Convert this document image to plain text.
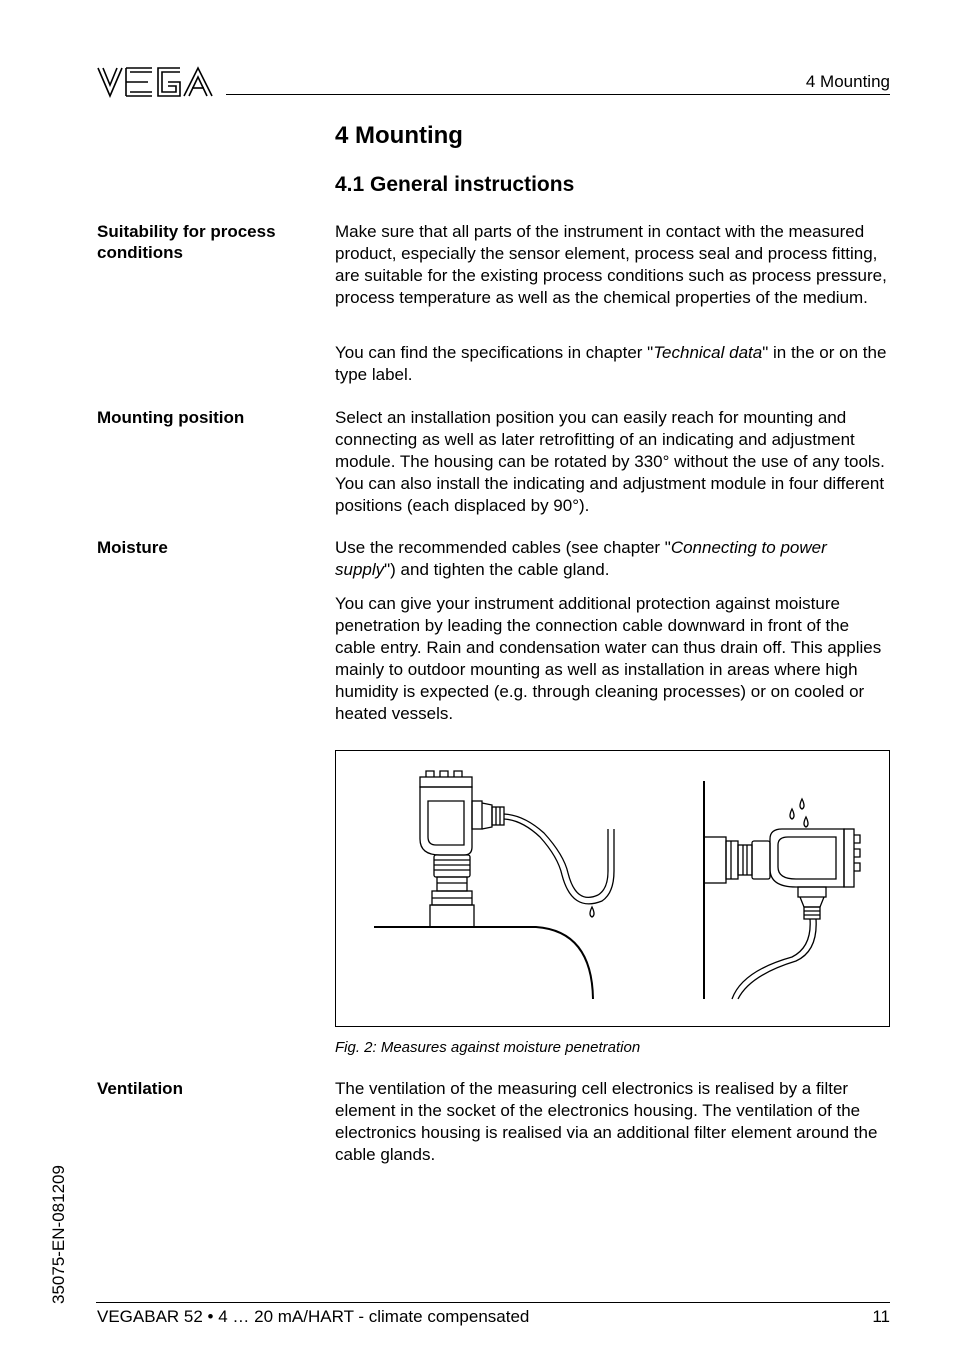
4 Mounting
4 Mounting
4.1 General instructions
Suitability for process conditions

Make sure that all parts of the instrument in contact with the measured product, especially the sensor element, process seal and process fitting, are suitable for the existing process conditions such as process pressure, process temperature as well as the chemical properties of the medium.

You can find the specifications in chapter "Technical data" in the or on the type label.

Mounting position	Select an installation position you can easily reach for mounting and connecting as well as later retrofitting of an indicating and adjustment module. The housing can be rotated by 330° without the use of any tools. You can also install the indicating and adjustment module in four different positions (each displaced by 90°).

Moisture	Use the recommended cables (see chapter "Connecting to power supply") and tighten the cable gland.

You can give your instrument additional protection against moisture penetration by leading the connection cable downward in front of the cable entry. Rain and condensation water can thus drain off. This applies mainly to outdoor mounting as well as installation in areas where high humidity is expected (e.g. through cleaning processes) or on cooled or heated vessels.

Fig. 2: Measures against moisture penetration
Ventilation	The ventilation of the measuring cell electronics is realised by a filter element in the socket of the electronics housing. The ventilation of the electronics housing is realised via an additional filter element around the cable glands.

35075-EN-081209
VEGABAR 52 • 4 … 20 mA/HART - climate compensated	11
